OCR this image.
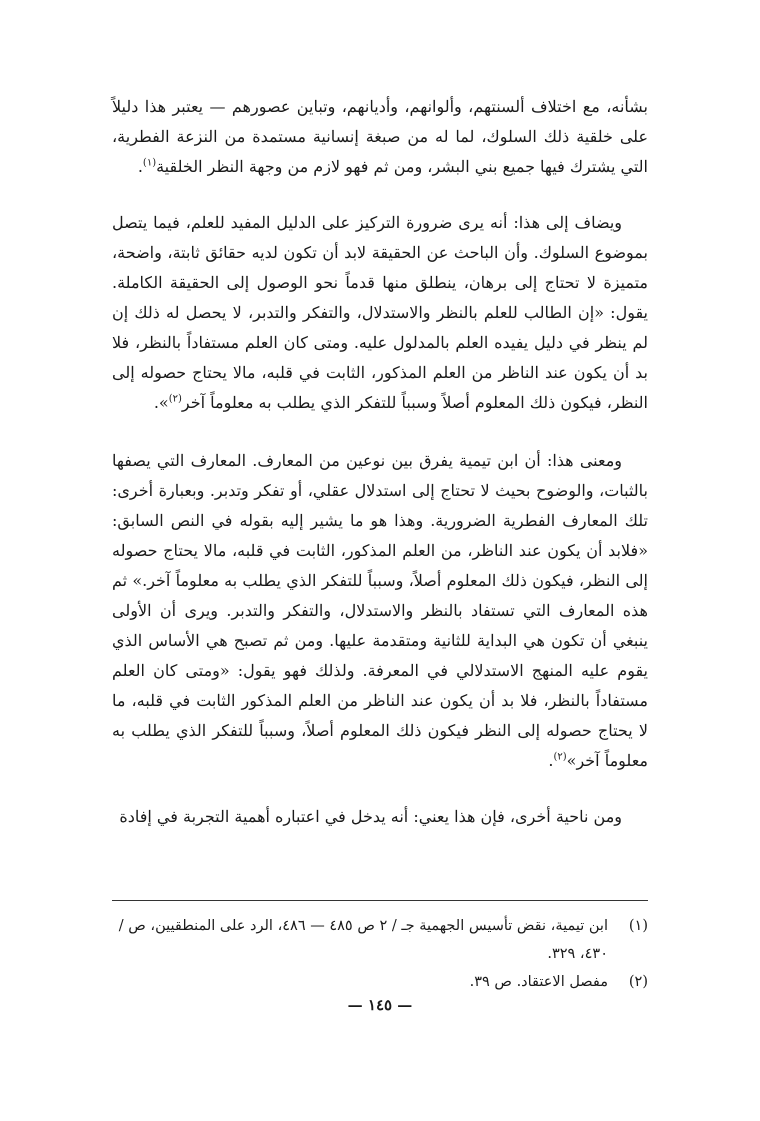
بشأنه، مع اختلاف ألسنتهم، وألوانهم، وأديانهم، وتباين عصورهم — يعتبر هذا دليلاً على خلقية ذلك السلوك، لما له من صبغة إنسانية مستمدة من النزعة الفطرية، التي يشترك فيها جميع بني البشر، ومن ثم فهو لازم من وجهة النظر الخلقية$^{(١)}$.

ويضاف إلى هذا: أنه يرى ضرورة التركيز على الدليل المفيد للعلم، فيما يتصل بموضوع السلوك. وأن الباحث عن الحقيقة لابد أن تكون لديه حقائق ثابتة، واضحة، متميزة لا تحتاج إلى برهان، ينطلق منها قدماً نحو الوصول إلى الحقيقة الكاملة. يقول: «إن الطالب للعلم بالنظر والاستدلال، والتفكر والتدبر، لا يحصل له ذلك إن لم ينظر في دليل يفيده العلم بالمدلول عليه. ومتى كان العلم مستفاداً بالنظر، فلا بد أن يكون عند الناظر من العلم المذكور، الثابت في قلبه، مالا يحتاج حصوله إلى النظر، فيكون ذلك المعلوم أصلاً وسبباً للتفكر الذي يطلب به معلوماً آخر$^{(٢)}$».

ومعنى هذا: أن ابن تيمية يفرق بين نوعين من المعارف. المعارف التي يصفها بالثبات، والوضوح بحيث لا تحتاج إلى استدلال عقلي، أو تفكر وتدبر. وبعبارة أخرى: تلك المعارف الفطرية الضرورية. وهذا هو ما يشير إليه بقوله في النص السابق: «فلابد أن يكون عند الناظر، من العلم المذكور، الثابت في قلبه، مالا يحتاج حصوله إلى النظر، فيكون ذلك المعلوم أصلاً، وسبباً للتفكر الذي يطلب به معلوماً آخر.» ثم هذه المعارف التي تستفاد بالنظر والاستدلال، والتفكر والتدبر. ويرى أن الأولى ينبغي أن تكون هي البداية للثانية ومتقدمة عليها. ومن ثم تصبح هي الأساس الذي يقوم عليه المنهج الاستدلالي في المعرفة. ولذلك فهو يقول: «ومتى كان العلم مستفاداً بالنظر، فلا بد أن يكون عند الناظر من العلم المذكور الثابت في قلبه، ما لا يحتاج حصوله إلى النظر فيكون ذلك المعلوم أصلاً، وسبباً للتفكر الذي يطلب به معلوماً آخر»$^{(٢)}$.

ومن ناحية أخرى، فإن هذا يعني: أنه يدخل في اعتباره أهمية التجربة في إفادة

(١)
ابن تيمية، نقض تأسيس الجهمية جـ / ٢ ص ٤٨٥ — ٤٨٦، الرد على المنطقيين، ص / ٤٣٠، ٣٢٩.
(٢)
مفصل الاعتقاد. ص ٣٩.
— ١٤٥ —
